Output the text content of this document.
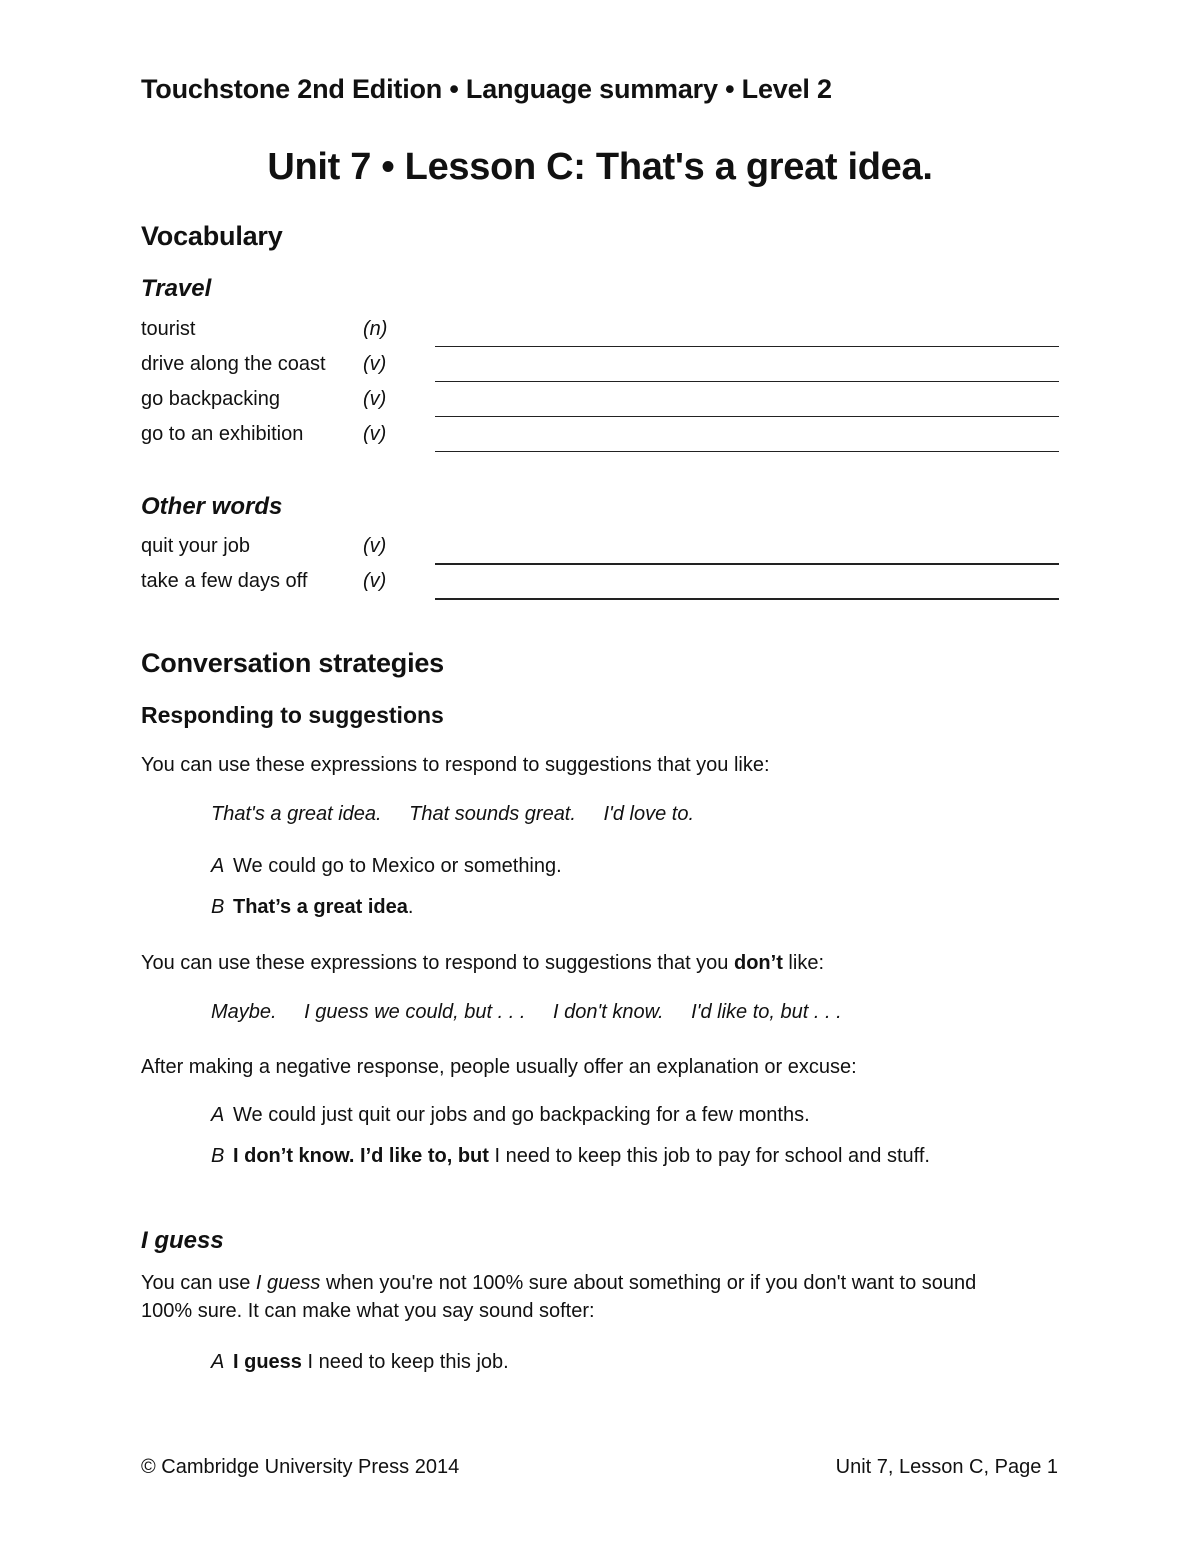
Touchstone 2nd Edition • Language summary • Level 2
Unit 7 • Lesson C: That's a great idea.
Vocabulary
Travel
tourist	(n)
drive along the coast (v)
go backpacking	(v)
go to an exhibition	(v)
Other words
quit your job	(v)
take a few days off	(v)
Conversation strategies
Responding to suggestions
You can use these expressions to respond to suggestions that you like:
That's a great idea. That sounds great. I'd love to.
A We could go to Mexico or something.
B That’s a great idea.
You can use these expressions to respond to suggestions that you don’t like:
Maybe. I guess we could, but . . . I don't know. I'd like to, but . . .
After making a negative response, people usually offer an explanation or excuse:
A We could just quit our jobs and go backpacking for a few months.
B I don’t know. I’d like to, but I need to keep this job to pay for school and stuff.
I guess
You can use I guess when you're not 100% sure about something or if you don't want to sound 100% sure. It can make what you say sound softer:
A I guess I need to keep this job.
© Cambridge University Press 2014	Unit 7, Lesson C, Page 1
